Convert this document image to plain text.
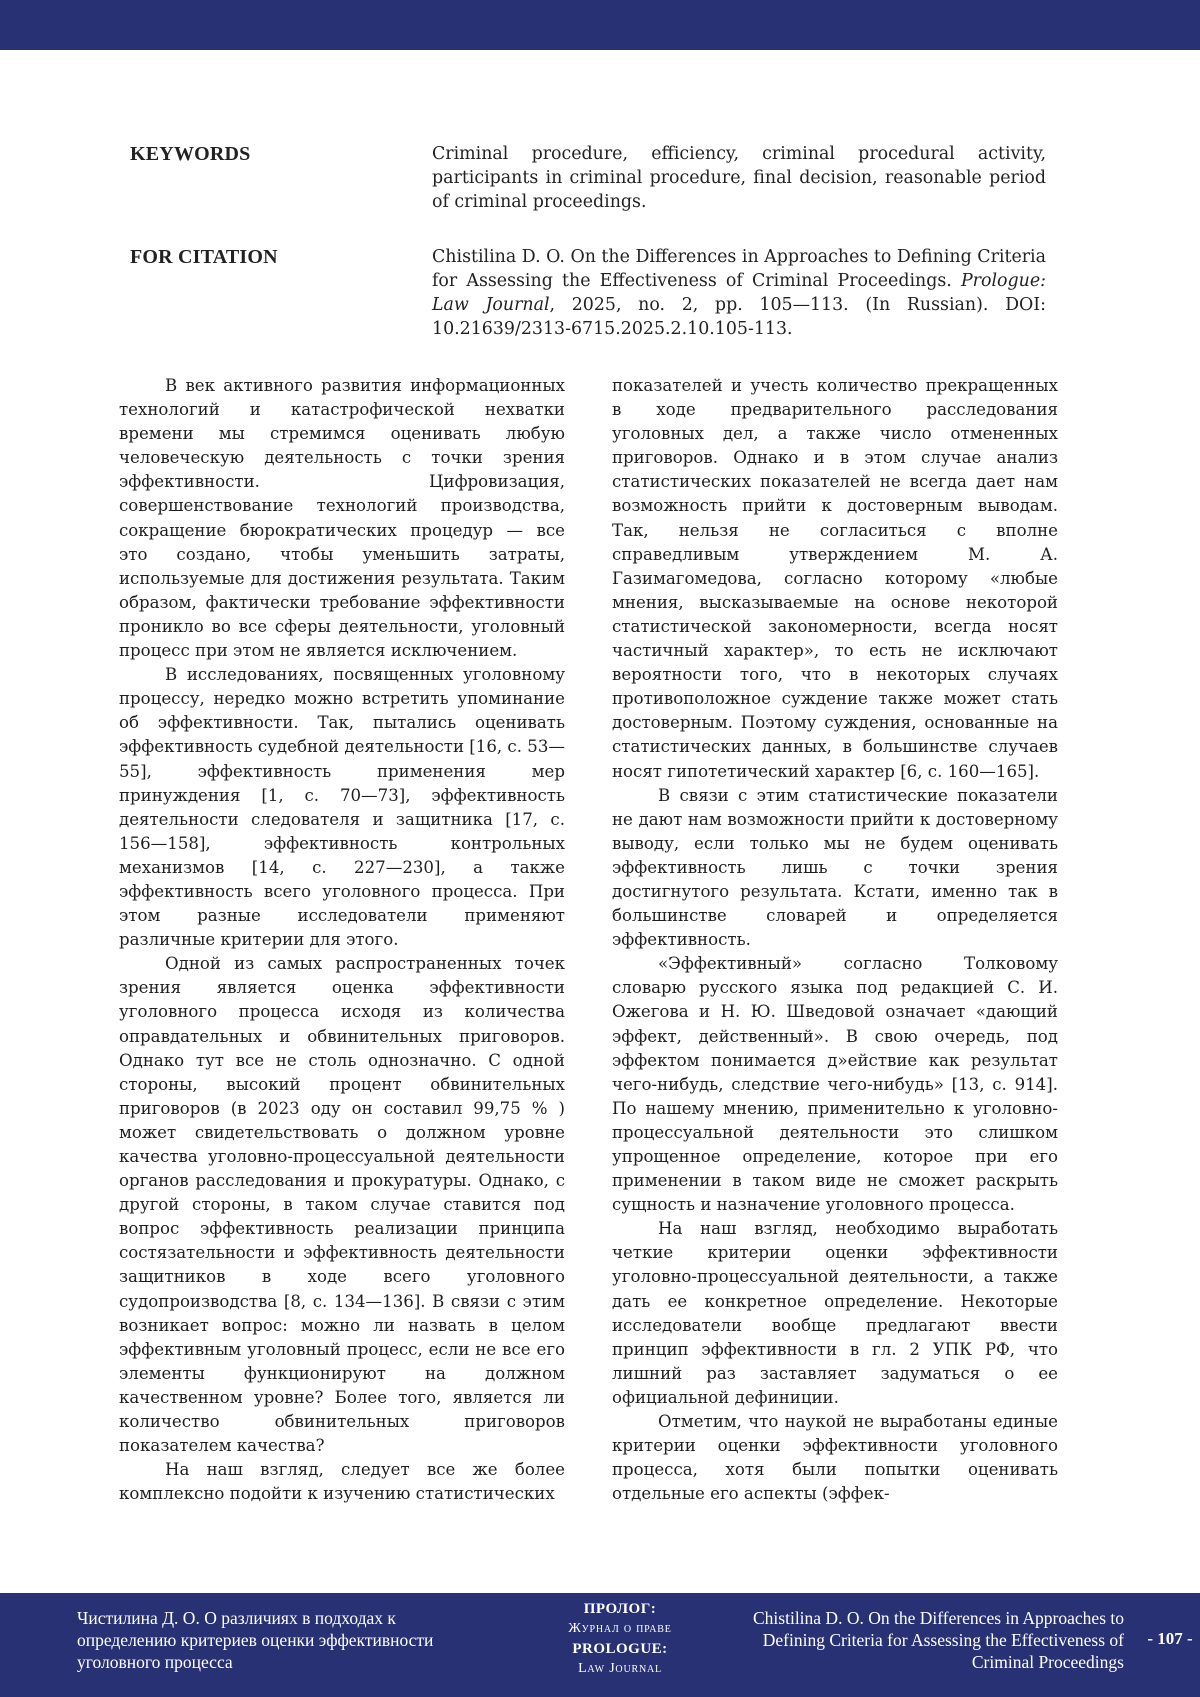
KEYWORDS	Criminal procedure, efficiency, criminal procedural activity, participants in criminal procedure, final decision, reasonable period of criminal proceedings.
FOR CITATION	Chistilina D. O. On the Differences in Approaches to Defining Criteria for Assessing the Effectiveness of Criminal Proceedings. Prologue: Law Journal, 2025, no. 2, pp. 105—113. (In Russian). DOI: 10.21639/2313-6715.2025.2.10.105-113.

В век активного развития информационных технологий и катастрофической нехватки времени мы стремимся оценивать любую человеческую деятельность с точки зрения эффективности. Цифровизация, совершенствование технологий производства, сокращение бюрократических процедур — все это создано, чтобы уменьшить затраты, используемые для достижения результата. Таким образом, фактически требование эффективности проникло во все сферы деятельности, уголовный процесс при этом не является исключением.

В исследованиях, посвященных уголовному процессу, нередко можно встретить упоминание об эффективности. Так, пытались оценивать эффективность судебной деятельности [16, с. 53—55], эффективность применения мер принуждения [1, с. 70—73], эффективность деятельности следователя и защитника [17, с. 156—158], эффективность контрольных механизмов [14, с. 227—230], а также эффективность всего уголовного процесса. При этом разные исследователи применяют различные критерии для этого.

Одной из самых распространенных точек зрения является оценка эффективности уголовного процесса исходя из количества оправдательных и обвинительных приговоров. Однако тут все не столь однозначно. С одной стороны, высокий процент обвинительных приговоров (в 2023 оду он составил 99,75 % ) может свидетельствовать о должном уровне качества уголовно-процессуальной деятельности органов расследования и прокуратуры. Однако, с другой стороны, в таком случае ставится под вопрос эффективность реализации принципа состязательности и эффективность деятельности защитников в ходе всего уголовного судопроизводства [8, с. 134—136]. В связи с этим возникает вопрос: можно ли назвать в целом эффективным уголовный процесс, если не все его элементы функционируют на должном качественном уровне? Более того, является ли количество обвинительных приговоров показателем качества?

На наш взгляд, следует все же более комплексно подойти к изучению статистических

показателей и учесть количество прекращенных в ходе предварительного расследования уголовных дел, а также число отмененных приговоров. Однако и в этом случае анализ статистических показателей не всегда дает нам возможность прийти к достоверным выводам. Так, нельзя не согласиться с вполне справедливым утверждением М. А. Газимагомедова, согласно которому «любые мнения, высказываемые на основе некоторой статистической закономерности, всегда носят частичный характер», то есть не исключают вероятности того, что в некоторых случаях противоположное суждение также может стать достоверным. Поэтому суждения, основанные на статистических данных, в большинстве случаев носят гипотетический характер [6, с. 160—165].

В связи с этим статистические показатели не дают нам возможности прийти к достоверному выводу, если только мы не будем оценивать эффективность лишь с точки зрения достигнутого результата. Кстати, именно так в большинстве словарей и определяется эффективность.

«Эффективный» согласно Толковому словарю русского языка под редакцией С. И. Ожегова и Н. Ю. Шведовой означает «дающий эффект, действенный». В свою очередь, под эффектом понимается д»ействие как результат чего-нибудь, следствие чего-нибудь» [13, с. 914]. По нашему мнению, применительно к уголовно-процессуальной деятельности это слишком упрощенное определение, которое при его применении в таком виде не сможет раскрыть сущность и назначение уголовного процесса.

На наш взгляд, необходимо выработать четкие критерии оценки эффективности уголовно-процессуальной деятельности, а также дать ее конкретное определение. Некоторые исследователи вообще предлагают ввести принцип эффективности в гл. 2 УПК РФ, что лишний раз заставляет задуматься о ее официальной дефиниции.

Отметим, что наукой не выработаны единые критерии оценки эффективности уголовного процесса, хотя были попытки оценивать отдельные его аспекты (эффек-

Чистилина Д. О. О различиях в подходах к определению критериев оценки эффективности уголовного процесса
ПРОЛОГ:
Журнал о праве
PROLOGUE:
Law Journal
Chistilina D. O. On the Differences in Approaches to Defining Criteria for Assessing the Effectiveness of Criminal Proceedings
- 107 -
